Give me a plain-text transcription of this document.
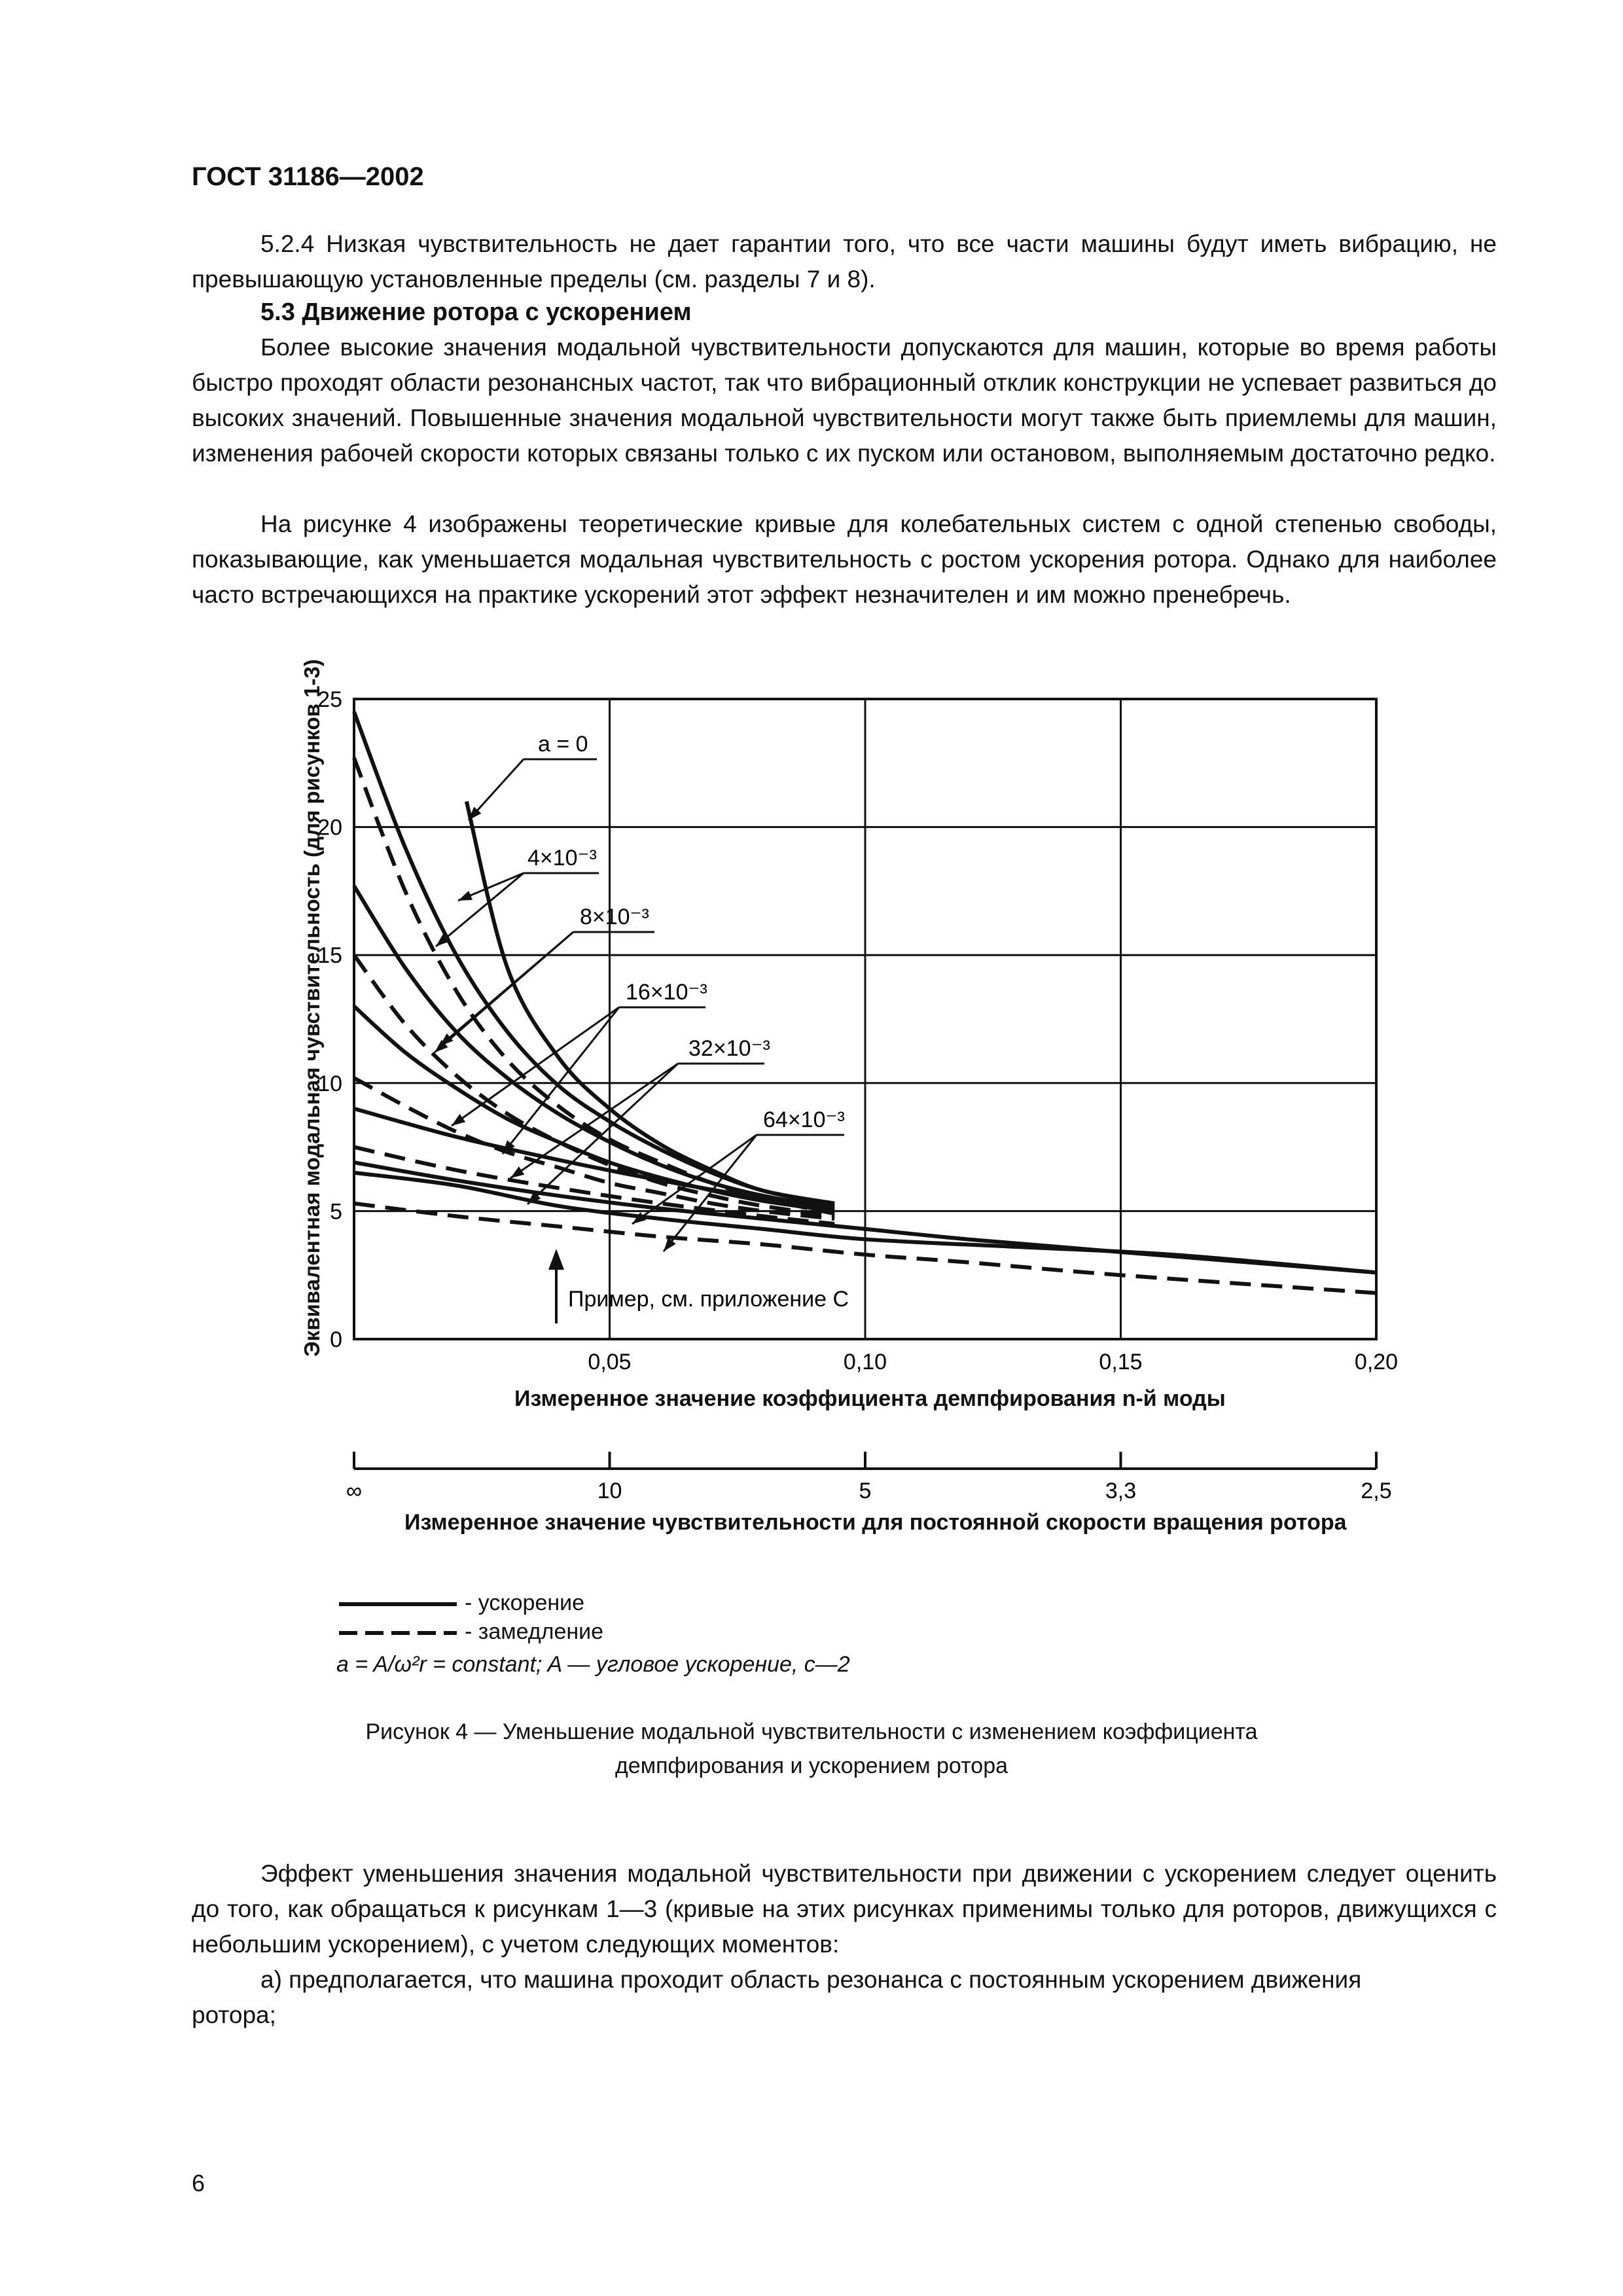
ГОСТ 31186—2002

5.2.4 Низкая чувствительность не дает гарантии того, что все части машины будут иметь вибрацию, не превышающую установленные пределы (см. разделы 7 и 8).

5.3 Движение ротора с ускорением

Более высокие значения модальной чувствительности допускаются для машин, которые во время работы быстро проходят области резонансных частот, так что вибрационный отклик конструкции не успевает развиться до высоких значений. Повышенные значения модальной чувствительности могут также быть приемлемы для машин, изменения рабочей скорости которых связаны только с их пуском или остановом, выполняемым достаточно редко.

На рисунке 4 изображены теоретические кривые для колебательных систем с одной степенью свободы, показывающие, как уменьшается модальная чувствительность с ростом ускорения ротора. Однако для наиболее часто встречающихся на практике ускорений этот эффект незначителен и им можно пренебречь.

0
5
10
15
20
25
0,05	0,10	0,15	0,20
a = 0
4×10⁻³
8×10⁻³
16×10⁻³
32×10⁻³
64×10⁻³
Пример, см. приложение С
∞	10	5	3,3	2,5
Эквивалентная модальная чувствительность (для рисунков 1-3)
Измеренное значение коэффициента демпфирования n-й моды
Измеренное значение чувствительности для постоянной скорости вращения ротора
- ускорение
- замедление
a = A/ω²r = constant; A — угловое ускорение, с—2
Рисунок 4 — Уменьшение модальной чувствительности с изменением коэффициента
демпфирования и ускорением ротора

Эффект уменьшения значения модальной чувствительности при движении с ускорением следует оценить до того, как обращаться к рисункам 1—3 (кривые на этих рисунках применимы только для роторов, движущихся с небольшим ускорением), с учетом следующих моментов:

а) предполагается, что машина проходит область резонанса с постоянным ускорением движения
ротора;
6
